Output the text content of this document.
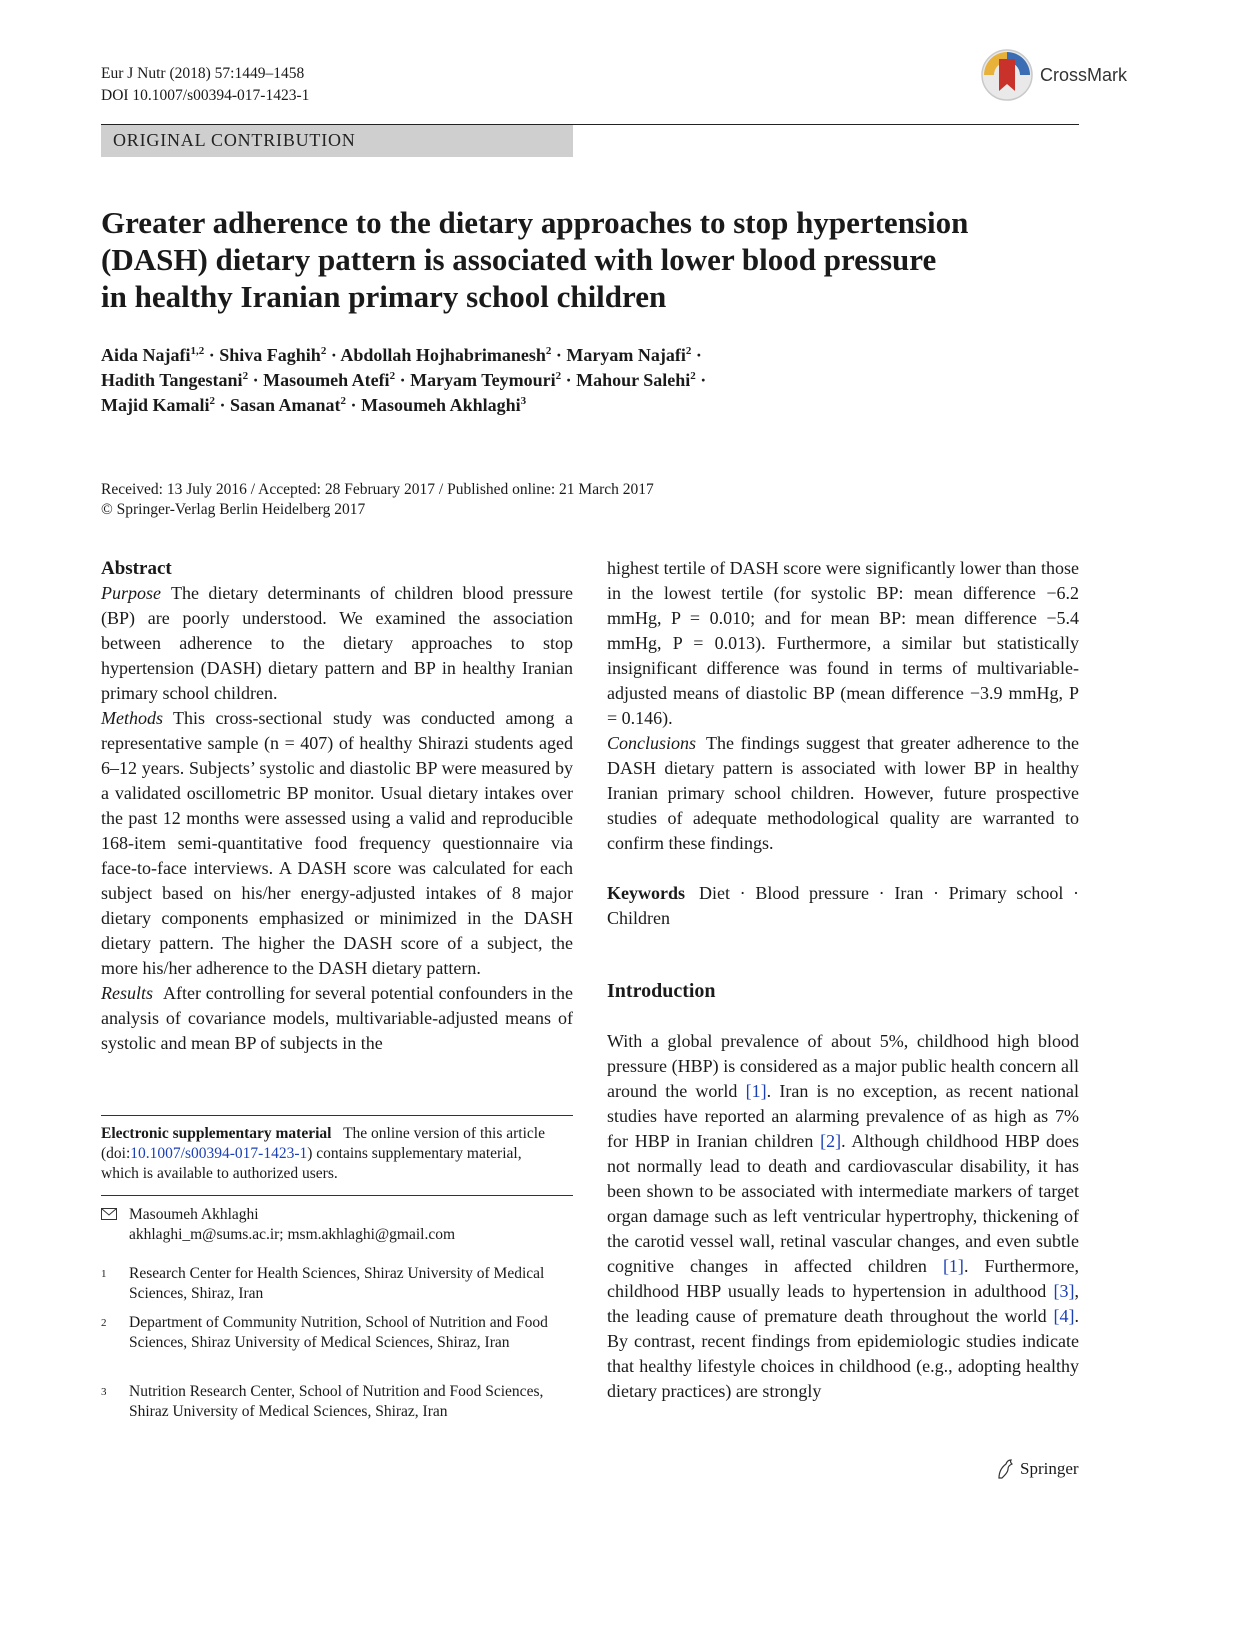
Eur J Nutr (2018) 57:1449–1458
DOI 10.1007/s00394-017-1423-1
CrossMark
ORIGINAL CONTRIBUTION
Greater adherence to the dietary approaches to stop hypertension
(DASH) dietary pattern is associated with lower blood pressure
in healthy Iranian primary school children
Aida Najafi$^{1,2}$ · Shiva Faghih$^2$ · Abdollah Hojhabrimanesh$^2$ · Maryam Najafi$^2$ ·
Hadith Tangestani$^2$ · Masoumeh Atefi$^2$ · Maryam Teymouri$^2$ · Mahour Salehi$^2$ ·
Majid Kamali$^2$ · Sasan Amanat$^2$ · Masoumeh Akhlaghi$^3$
Received: 13 July 2016 / Accepted: 28 February 2017 / Published online: 21 March 2017
© Springer-Verlag Berlin Heidelberg 2017

Abstract

Purpose The dietary determinants of children blood pressure (BP) are poorly understood. We examined the association between adherence to the dietary approaches to stop hypertension (DASH) dietary pattern and BP in healthy Iranian primary school children.

Methods This cross-sectional study was conducted among a representative sample (n = 407) of healthy Shirazi students aged 6–12 years. Subjects’ systolic and diastolic BP were measured by a validated oscillometric BP monitor. Usual dietary intakes over the past 12 months were assessed using a valid and reproducible 168-item semi-quantitative food frequency questionnaire via face-to-face interviews. A DASH score was calculated for each subject based on his/her energy-adjusted intakes of 8 major dietary components emphasized or minimized in the DASH dietary pattern. The higher the DASH score of a subject, the more his/her adherence to the DASH dietary pattern.

Results After controlling for several potential confounders in the analysis of covariance models, multivariable-adjusted means of systolic and mean BP of subjects in the

highest tertile of DASH score were significantly lower than those in the lowest tertile (for systolic BP: mean difference −6.2 mmHg, P = 0.010; and for mean BP: mean difference −5.4 mmHg, P = 0.013). Furthermore, a similar but statistically insignificant difference was found in terms of multivariable-adjusted means of diastolic BP (mean difference −3.9 mmHg, P = 0.146).

Conclusions The findings suggest that greater adherence to the DASH dietary pattern is associated with lower BP in healthy Iranian primary school children. However, future prospective studies of adequate methodological quality are warranted to confirm these findings.

Keywords Diet · Blood pressure · Iran · Primary school · Children

Introduction

With a global prevalence of about 5%, childhood high blood pressure (HBP) is considered as a major public health concern all around the world [1]. Iran is no exception, as recent national studies have reported an alarming prevalence of as high as 7% for HBP in Iranian children [2]. Although childhood HBP does not normally lead to death and cardiovascular disability, it has been shown to be associated with intermediate markers of target organ damage such as left ventricular hypertrophy, thickening of the carotid vessel wall, retinal vascular changes, and even subtle cognitive changes in affected children [1]. Furthermore, childhood HBP usually leads to hypertension in adulthood [3], the leading cause of premature death throughout the world [4]. By contrast, recent findings from epidemiologic studies indicate that healthy lifestyle choices in childhood (e.g., adopting healthy dietary practices) are strongly

Electronic supplementary material The online version of this article (doi:10.1007/s00394-017-1423-1) contains supplementary material, which is available to authorized users.
Masoumeh Akhlaghi
akhlaghi_m@sums.ac.ir; msm.akhlaghi@gmail.com
1 Research Center for Health Sciences, Shiraz University of Medical Sciences, Shiraz, Iran
2 Department of Community Nutrition, School of Nutrition and Food Sciences, Shiraz University of Medical Sciences, Shiraz, Iran
3 Nutrition Research Center, School of Nutrition and Food Sciences, Shiraz University of Medical Sciences, Shiraz, Iran
Springer
